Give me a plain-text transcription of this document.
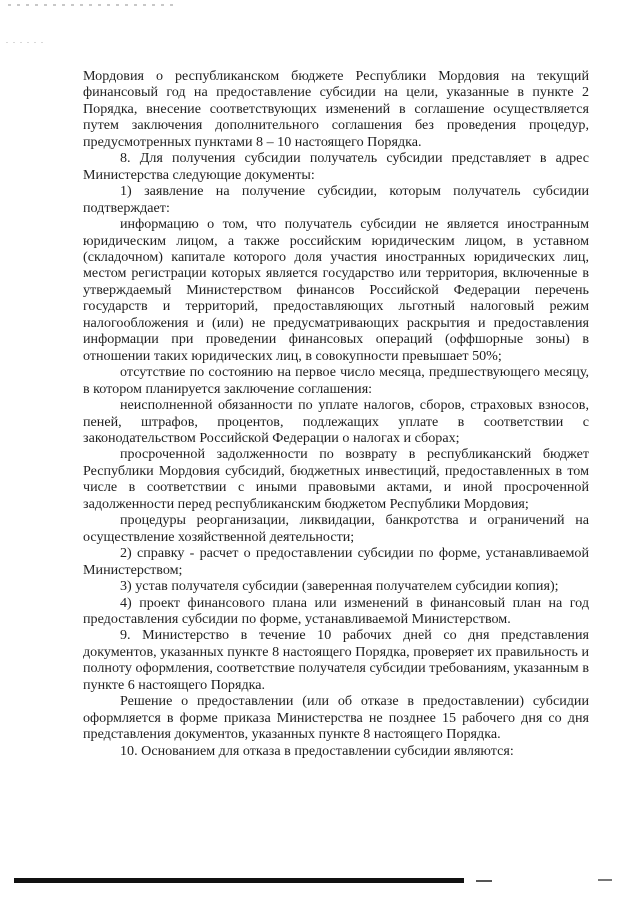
Мордовия о республиканском бюджете Республики Мордовия на текущий финансовый год на предоставление субсидии на цели, указанные в пункте 2 Порядка, внесение соответствующих изменений в соглашение осуществляется путем заключения дополнительного соглашения без проведения процедур, предусмотренных пунктами 8 – 10 настоящего Порядка.

8. Для получения субсидии получатель субсидии представляет в адрес Министерства следующие документы:

1) заявление на получение субсидии, которым получатель субсидии подтверждает:

информацию о том, что получатель субсидии не является иностранным юридическим лицом, а также российским юридическим лицом, в уставном (складочном) капитале которого доля участия иностранных юридических лиц, местом регистрации которых является государство или территория, включенные в утверждаемый Министерством финансов Российской Федерации перечень государств и территорий, предоставляющих льготный налоговый режим налогообложения и (или) не предусматривающих раскрытия и предоставления информации при проведении финансовых операций (оффшорные зоны) в отношении таких юридических лиц, в совокупности превышает 50%;

отсутствие по состоянию на первое число месяца, предшествующего месяцу, в котором планируется заключение соглашения:

неисполненной обязанности по уплате налогов, сборов, страховых взносов, пеней, штрафов, процентов, подлежащих уплате в соответствии с законодательством Российской Федерации о налогах и сборах;

просроченной задолженности по возврату в республиканский бюджет Республики Мордовия субсидий, бюджетных инвестиций, предоставленных в том числе в соответствии с иными правовыми актами, и иной просроченной задолженности перед республиканским бюджетом Республики Мордовия;

процедуры реорганизации, ликвидации, банкротства и ограничений на осуществление хозяйственной деятельности;

2) справку - расчет о предоставлении субсидии по форме, устанавливаемой Министерством;

3) устав получателя субсидии (заверенная получателем субсидии копия);

4) проект финансового плана или изменений в финансовый план на год предоставления субсидии по форме, устанавливаемой Министерством.

9. Министерство в течение 10 рабочих дней со дня представления документов, указанных пункте 8 настоящего Порядка, проверяет их правильность и полноту оформления, соответствие получателя субсидии требованиям, указанным в пункте 6 настоящего Порядка.

Решение о предоставлении (или об отказе в предоставлении) субсидии оформляется в форме приказа Министерства не позднее 15 рабочего дня со дня представления документов, указанных пункте 8 настоящего Порядка.

10. Основанием для отказа в предоставлении субсидии являются:
